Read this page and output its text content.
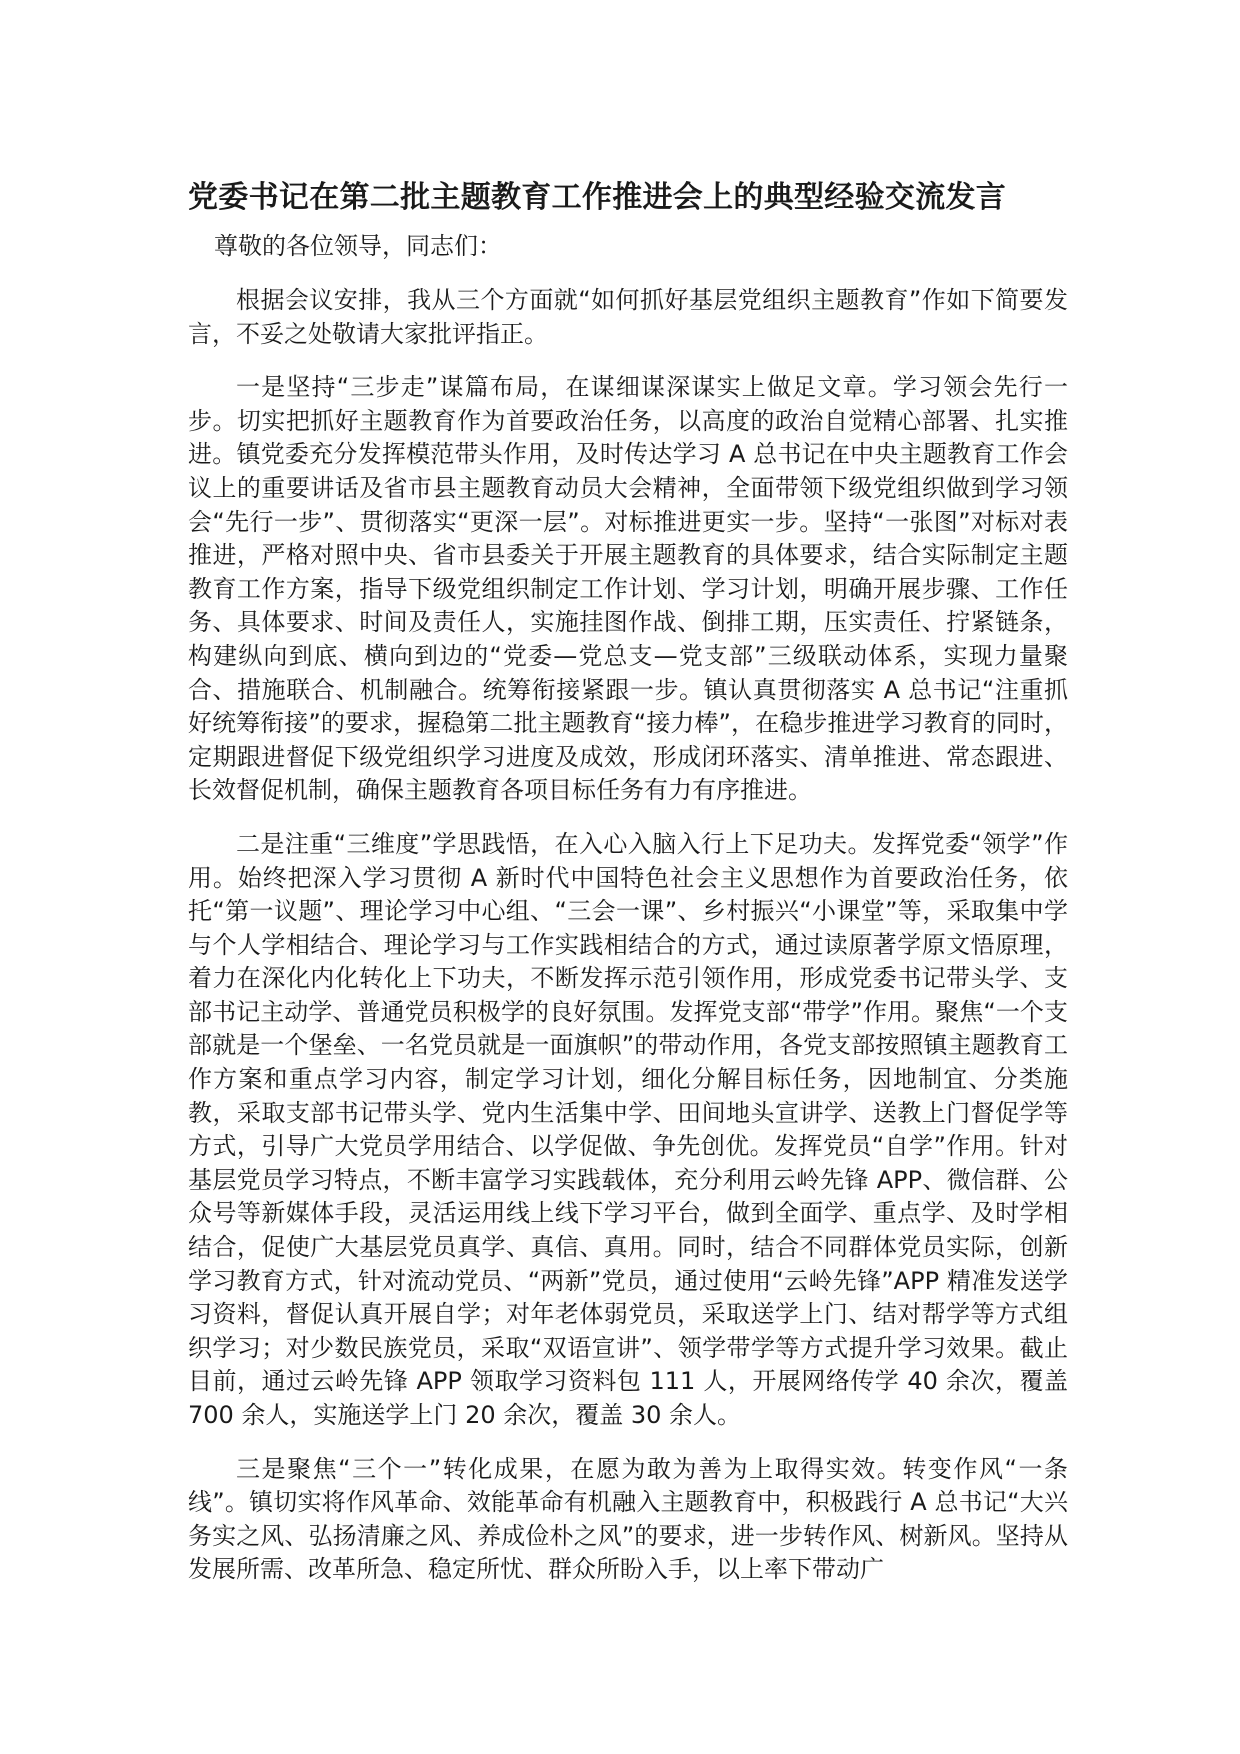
党委书记在第二批主题教育工作推进会上的典型经验交流发言

尊敬的各位领导，同志们：

根据会议安排，我从三个方面就“如何抓好基层党组织主题教育”作如下简要发言，不妥之处敬请大家批评指正。

一是坚持“三步走”谋篇布局，在谋细谋深谋实上做足文章。学习领会先行一步。切实把抓好主题教育作为首要政治任务，以高度的政治自觉精心部署、扎实推进。镇党委充分发挥模范带头作用，及时传达学习 A 总书记在中央主题教育工作会议上的重要讲话及省市县主题教育动员大会精神，全面带领下级党组织做到学习领会“先行一步”、贯彻落实“更深一层”。对标推进更实一步。坚持“一张图”对标对表推进，严格对照中央、省市县委关于开展主题教育的具体要求，结合实际制定主题教育工作方案，指导下级党组织制定工作计划、学习计划，明确开展步骤、工作任务、具体要求、时间及责任人，实施挂图作战、倒排工期，压实责任、拧紧链条，构建纵向到底、横向到边的“党委—党总支—党支部”三级联动体系，实现力量聚合、措施联合、机制融合。统筹衔接紧跟一步。镇认真贯彻落实 A 总书记“注重抓好统筹衔接”的要求，握稳第二批主题教育“接力棒”，在稳步推进学习教育的同时，定期跟进督促下级党组织学习进度及成效，形成闭环落实、清单推进、常态跟进、长效督促机制，确保主题教育各项目标任务有力有序推进。

二是注重“三维度”学思践悟，在入心入脑入行上下足功夫。发挥党委“领学”作用。始终把深入学习贯彻 A 新时代中国特色社会主义思想作为首要政治任务，依托“第一议题”、理论学习中心组、“三会一课”、乡村振兴“小课堂”等，采取集中学与个人学相结合、理论学习与工作实践相结合的方式，通过读原著学原文悟原理，着力在深化内化转化上下功夫，不断发挥示范引领作用，形成党委书记带头学、支部书记主动学、普通党员积极学的良好氛围。发挥党支部“带学”作用。聚焦“一个支部就是一个堡垒、一名党员就是一面旗帜”的带动作用，各党支部按照镇主题教育工作方案和重点学习内容，制定学习计划，细化分解目标任务，因地制宜、分类施教，采取支部书记带头学、党内生活集中学、田间地头宣讲学、送教上门督促学等方式，引导广大党员学用结合、以学促做、争先创优。发挥党员“自学”作用。针对基层党员学习特点，不断丰富学习实践载体，充分利用云岭先锋 APP、微信群、公众号等新媒体手段，灵活运用线上线下学习平台，做到全面学、重点学、及时学相结合，促使广大基层党员真学、真信、真用。同时，结合不同群体党员实际，创新学习教育方式，针对流动党员、“两新”党员，通过使用“云岭先锋”APP 精准发送学习资料，督促认真开展自学；对年老体弱党员，采取送学上门、结对帮学等方式组织学习；对少数民族党员，采取“双语宣讲”、领学带学等方式提升学习效果。截止目前，通过云岭先锋 APP 领取学习资料包 111 人，开展网络传学 40 余次，覆盖 700 余人，实施送学上门 20 余次，覆盖 30 余人。

三是聚焦“三个一”转化成果，在愿为敢为善为上取得实效。转变作风“一条线”。镇切实将作风革命、效能革命有机融入主题教育中，积极践行 A 总书记“大兴务实之风、弘扬清廉之风、养成俭朴之风”的要求，进一步转作风、树新风。坚持从发展所需、改革所急、稳定所忧、群众所盼入手，以上率下带动广
